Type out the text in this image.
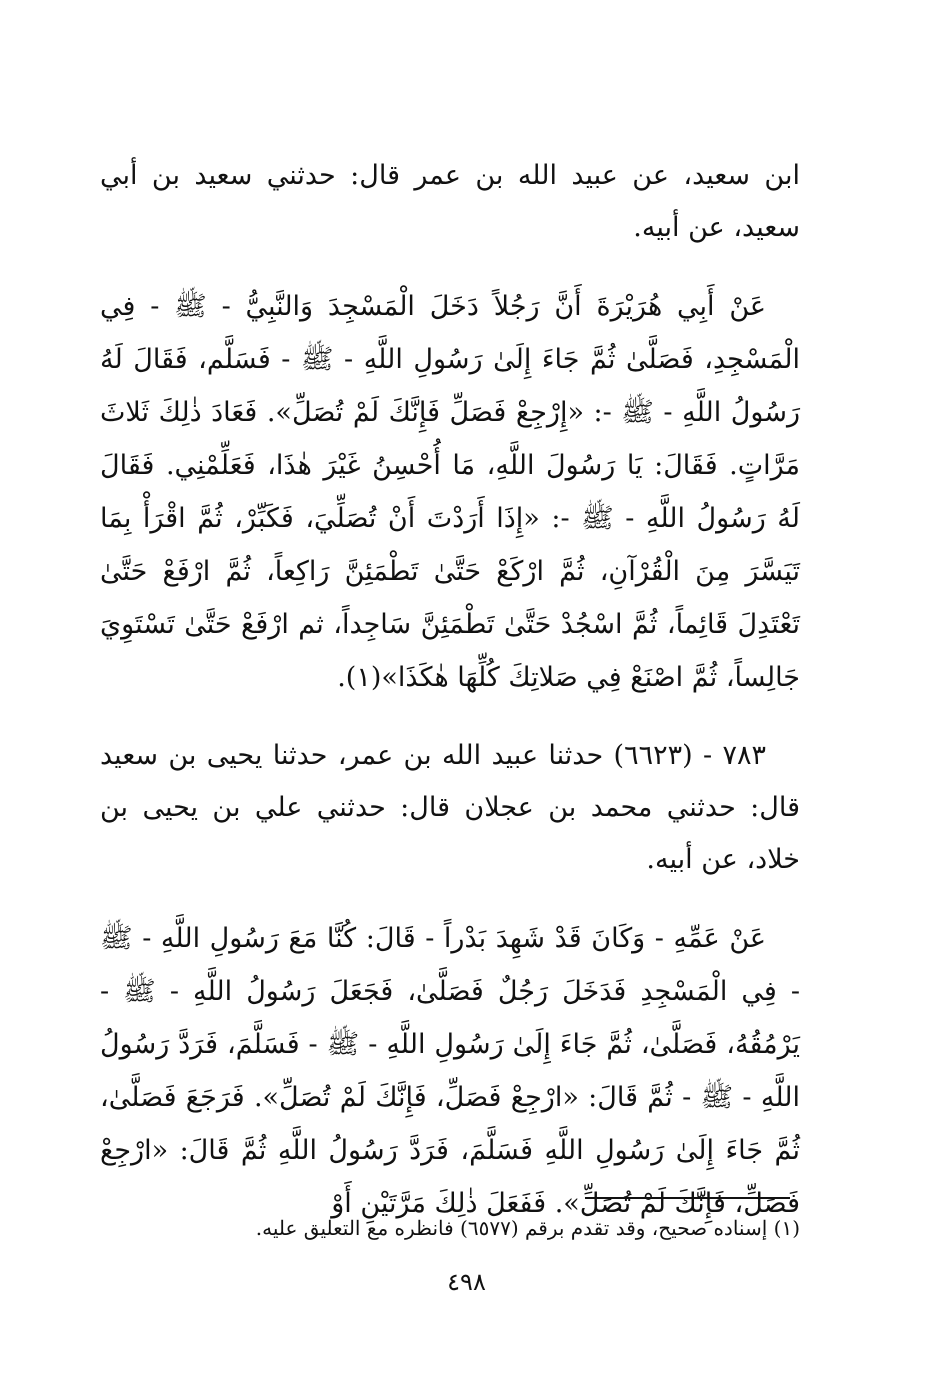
ابن سعيد، عن عبيد الله بن عمر قال: حدثني سعيد بن أبي سعيد، عن أبيه.

عَنْ أَبِي هُرَيْرَةَ أَنَّ رَجُلاً دَخَلَ الْمَسْجِدَ وَالنَّبِيُّ - ﷺ - فِي الْمَسْجِدِ، فَصَلَّىٰ ثُمَّ جَاءَ إِلَىٰ رَسُولِ اللَّهِ - ﷺ - فَسَلَّم، فَقَالَ لَهُ رَسُولُ اللَّهِ - ﷺ -: «إِرْجِعْ فَصَلِّ فَإِنَّكَ لَمْ تُصَلِّ». فَعَادَ ذٰلِكَ ثَلاثَ مَرَّاتٍ. فَقَالَ: يَا رَسُولَ اللَّهِ، مَا أُحْسِنُ غَيْرَ هٰذَا، فَعَلِّمْنِي. فَقَالَ لَهُ رَسُولُ اللَّهِ - ﷺ -: «إِذَا أَرَدْتَ أَنْ تُصَلِّيَ، فَكَبِّرْ، ثُمَّ اقْرَأْ بِمَا تَيَسَّرَ مِنَ الْقُرْآنِ، ثُمَّ ارْكَعْ حَتَّىٰ تَطْمَئِنَّ رَاكِعاً، ثُمَّ ارْفَعْ حَتَّىٰ تَعْتَدِلَ قَائِماً، ثُمَّ اسْجُدْ حَتَّىٰ تَطْمَئِنَّ سَاجِداً، ثم ارْفَعْ حَتَّىٰ تَسْتَوِيَ جَالِساً، ثُمَّ اصْنَعْ فِي صَلاتِكَ كُلِّهَا هٰكَذَا»(١).

٧٨٣ - (٦٦٢٣) حدثنا عبيد الله بن عمر، حدثنا يحيى بن سعيد قال: حدثني محمد بن عجلان قال: حدثني علي بن يحيى بن خلاد، عن أبيه.

عَنْ عَمِّهِ - وَكَانَ قَدْ شَهِدَ بَدْراً - قَالَ: كُنَّا مَعَ رَسُولِ اللَّهِ - ﷺ - فِي الْمَسْجِدِ فَدَخَلَ رَجُلٌ فَصَلَّىٰ، فَجَعَلَ رَسُولُ اللَّهِ - ﷺ - يَرْمُقُهُ، فَصَلَّىٰ، ثُمَّ جَاءَ إِلَىٰ رَسُولِ اللَّهِ - ﷺ - فَسَلَّمَ، فَرَدَّ رَسُولُ اللَّهِ - ﷺ - ثُمَّ قَالَ: «ارْجِعْ فَصَلِّ، فَإِنَّكَ لَمْ تُصَلِّ». فَرَجَعَ فَصَلَّىٰ، ثُمَّ جَاءَ إِلَىٰ رَسُولِ اللَّهِ فَسَلَّمَ، فَرَدَّ رَسُولُ اللَّهِ ثُمَّ قَالَ: «ارْجِعْ فَصَلِّ، فَإِنَّكَ لَمْ تُصَلِّ». فَفَعَلَ ذٰلِكَ مَرَّتَيْنِ أَوْ

(١) إسناده صحيح، وقد تقدم برقم (٦٥٧٧) فانظره مع التعليق عليه.
٤٩٨
